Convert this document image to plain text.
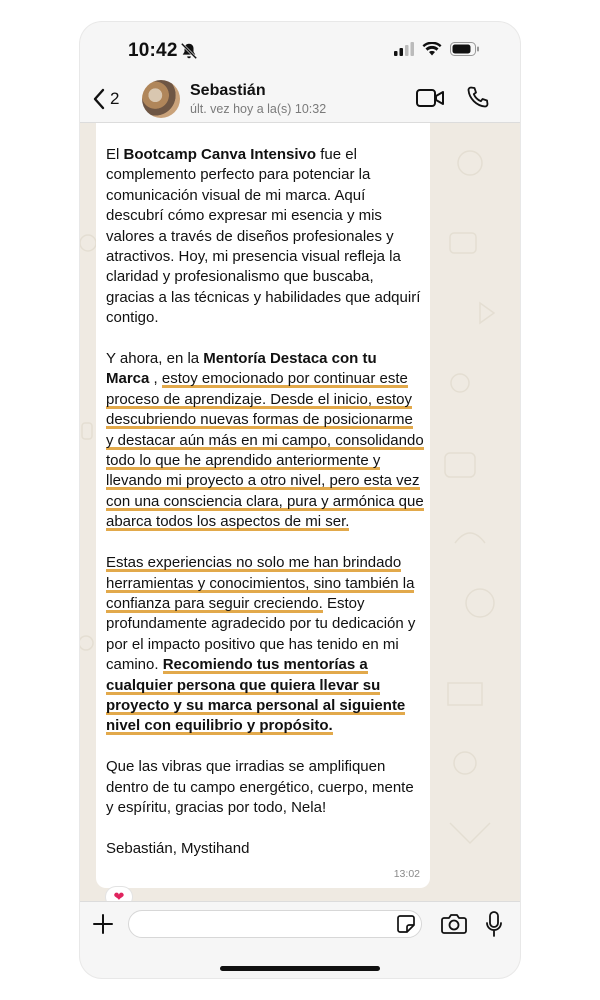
10:42
2	Sebastián
últ. vez hoy a la(s) 10:32

El Bootcamp Canva Intensivo fue el complemento perfecto para potenciar la comunicación visual de mi marca. Aquí descubrí cómo expresar mi esencia y mis valores a través de diseños profesionales y atractivos. Hoy, mi presencia visual refleja la claridad y profesionalismo que buscaba, gracias a las técnicas y habilidades que adquirí contigo.

Y ahora, en la Mentoría Destaca con tu Marca , estoy emocionado por continuar este proceso de aprendizaje. Desde el inicio, estoy descubriendo nuevas formas de posicionarme y destacar aún más en mi campo, consolidando todo lo que he aprendido anteriormente y llevando mi proyecto a otro nivel, pero esta vez con una consciencia clara, pura y armónica que abarca todos los aspectos de mi ser.

Estas experiencias no solo me han brindado herramientas y conocimientos, sino también la confianza para seguir creciendo. Estoy profundamente agradecido por tu dedicación y por el impacto positivo que has tenido en mi camino. Recomiendo tus mentorías a cualquier persona que quiera llevar su proyecto y su marca personal al siguiente nivel con equilibrio y propósito.

Que las vibras que irradias se amplifiquen dentro de tu campo energético, cuerpo, mente y espíritu, gracias por todo, Nela!

Sebastián, Mystihand

13:02
❤
